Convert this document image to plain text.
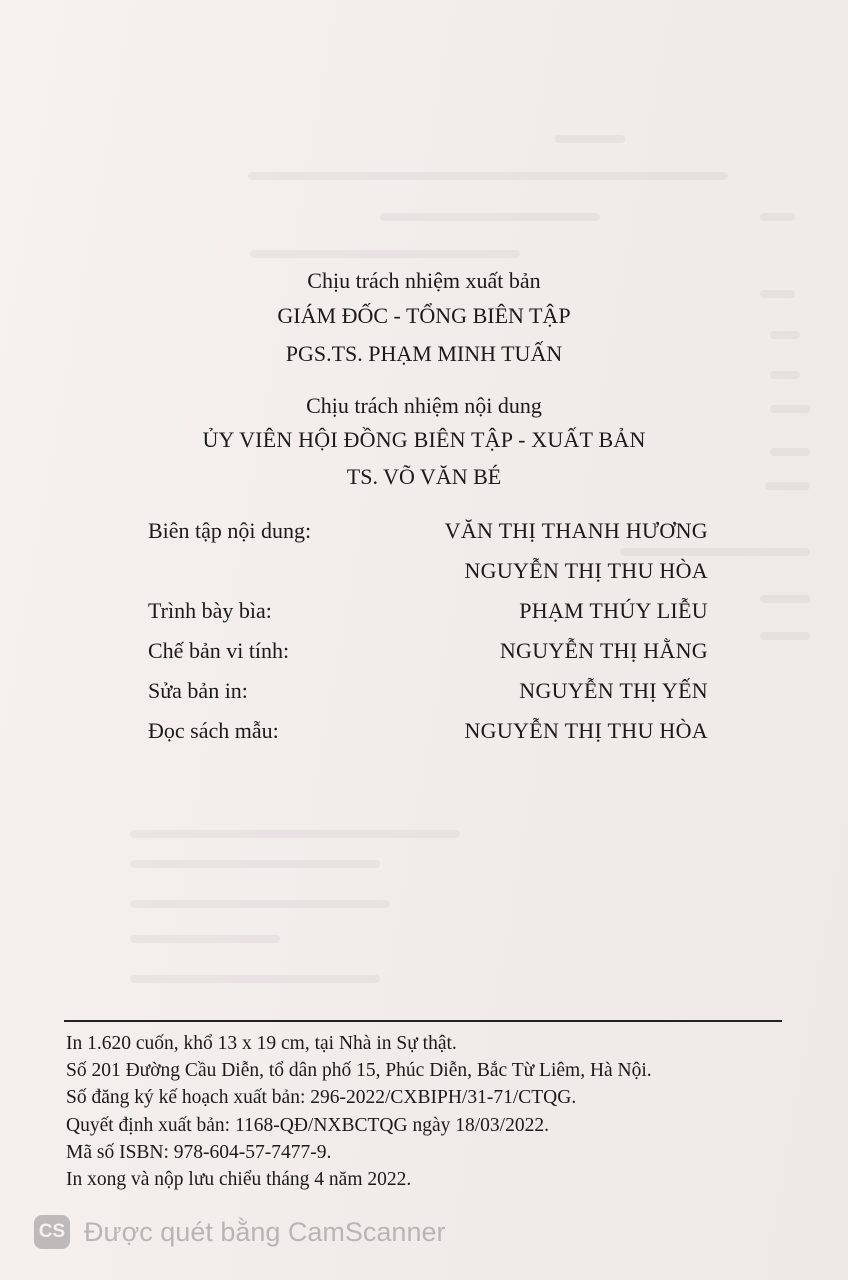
Chịu trách nhiệm xuất bản
GIÁM ĐỐC - TỔNG BIÊN TẬP
PGS.TS. PHẠM MINH TUẤN
Chịu trách nhiệm nội dung
ỦY VIÊN HỘI ĐỒNG BIÊN TẬP - XUẤT BẢN
TS. VÕ VĂN BÉ
Biên tập nội dung:	VĂN THỊ THANH HƯƠNG
NGUYỄN THỊ THU HÒA
Trình bày bìa:	PHẠM THÚY LIỄU
Chế bản vi tính:	NGUYỄN THỊ HẰNG
Sửa bản in:	NGUYỄN THỊ YẾN
Đọc sách mẫu:	NGUYỄN THỊ THU HÒA
In 1.620 cuốn, khổ 13 x 19 cm, tại Nhà in Sự thật.
Số 201 Đường Cầu Diễn, tổ dân phố 15, Phúc Diễn, Bắc Từ Liêm, Hà Nội.
Số đăng ký kế hoạch xuất bản: 296-2022/CXBIPH/31-71/CTQG.
Quyết định xuất bản: 1168-QĐ/NXBCTQG ngày 18/03/2022.
Mã số ISBN: 978-604-57-7477-9.
In xong và nộp lưu chiểu tháng 4 năm 2022.
CS Được quét bằng CamScanner
